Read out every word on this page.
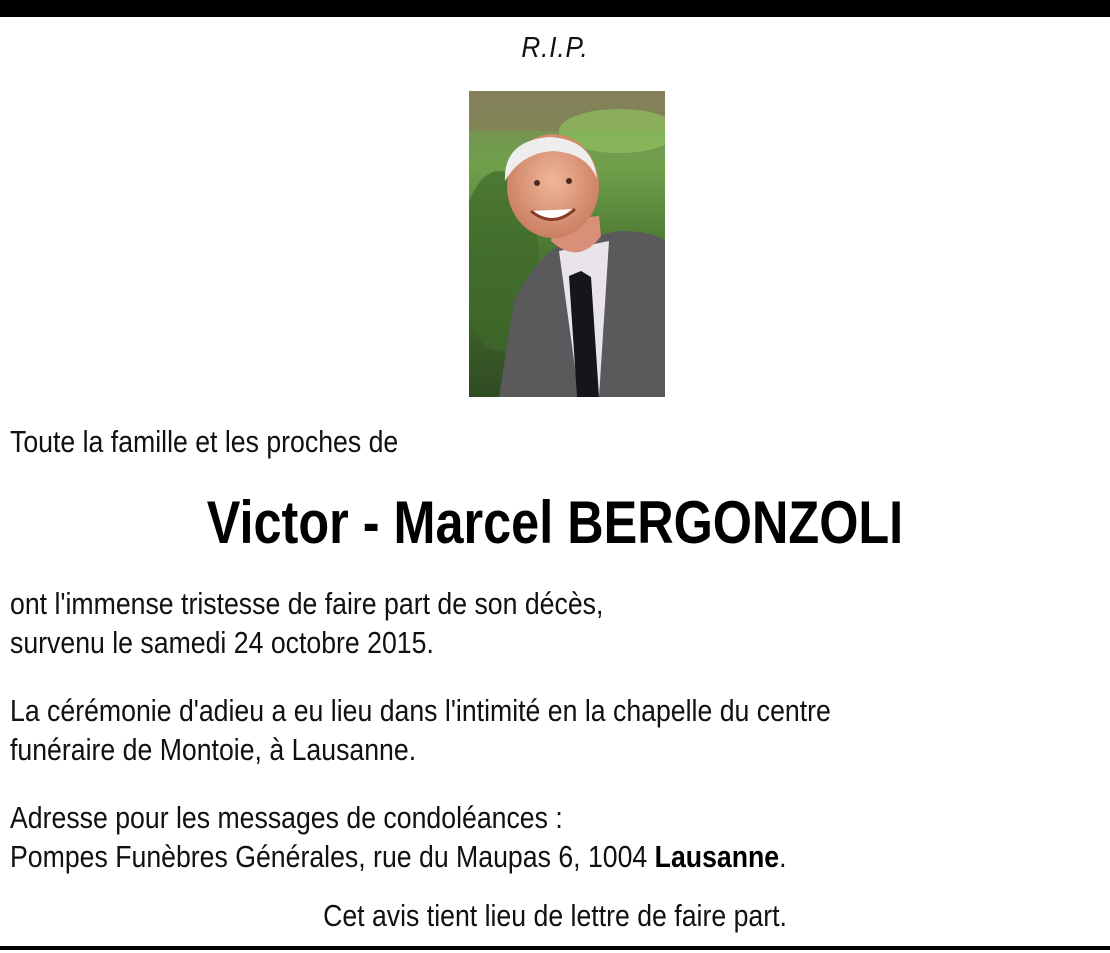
R.I.P.
Toute la famille et les proches de
Victor - Marcel BERGONZOLI
ont l'immense tristesse de faire part de son décès,
survenu le samedi 24 octobre 2015.
La cérémonie d'adieu a eu lieu dans l'intimité en la chapelle du centre
funéraire de Montoie, à Lausanne.
Adresse pour les messages de condoléances :
Pompes Funèbres Générales, rue du Maupas 6, 1004 Lausanne.
Cet avis tient lieu de lettre de faire part.
